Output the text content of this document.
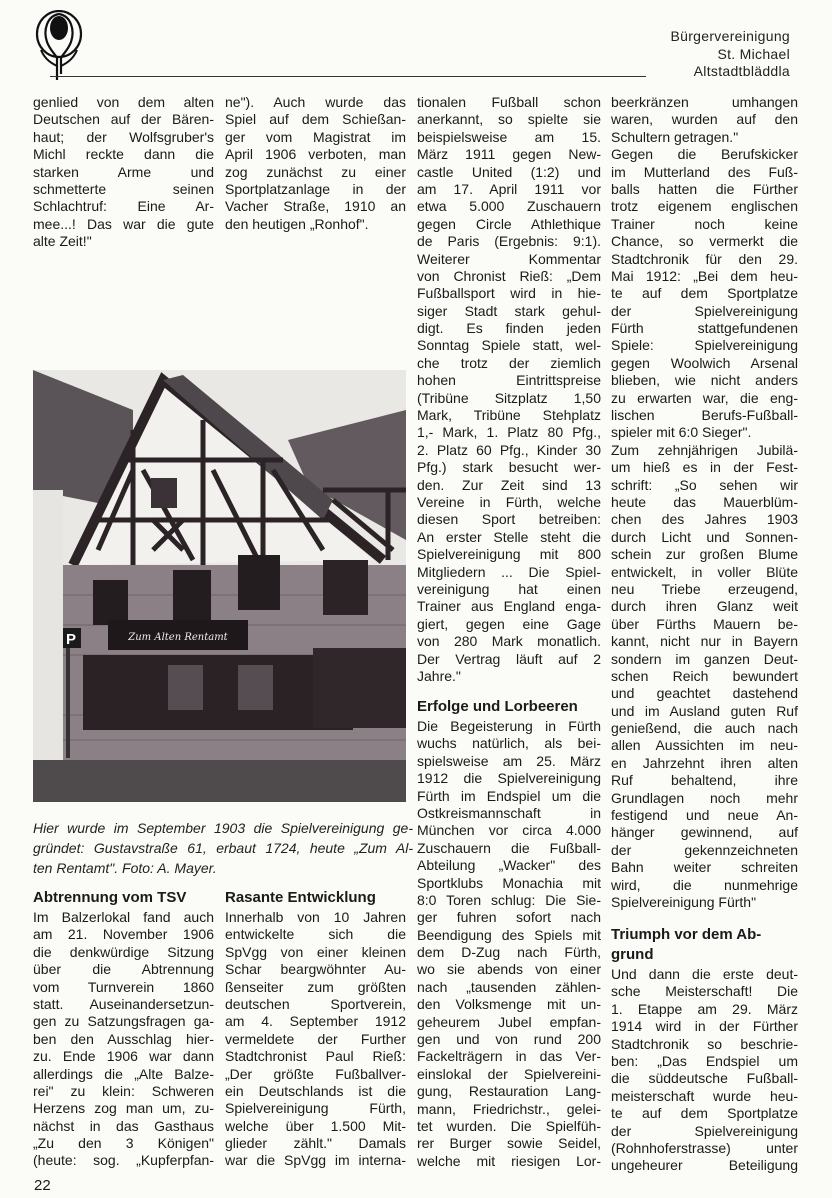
Bürgervereinigung
St. Michael
Altstadtbläddla
genlied von dem alten
Deutschen auf der Bären-
haut; der Wolfsgruber's
Michl reckte dann die
starken Arme und
schmetterte seinen
Schlachtruf: Eine Ar-
mee...! Das war die gute
alte Zeit!"
ne"). Auch wurde das
Spiel auf dem Schießan-
ger vom Magistrat im
April 1906 verboten, man
zog zunächst zu einer
Sportplatzanlage in der
Vacher Straße, 1910 an
den heutigen „Ronhof".
tionalen Fußball schon
anerkannt, so spielte sie
beispielsweise am 15.
März 1911 gegen New-
castle United (1:2) und
am 17. April 1911 vor
etwa 5.000 Zuschauern
gegen Circle Athlethique
de Paris (Ergebnis: 9:1).
Weiterer Kommentar
von Chronist Rieß: „Dem
Fußballsport wird in hie-
siger Stadt stark gehul-
digt. Es finden jeden
Sonntag Spiele statt, wel-
che trotz der ziemlich
hohen Eintrittspreise
(Tribüne Sitzplatz 1,50
Mark, Tribüne Stehplatz
1,- Mark, 1. Platz 80 Pfg.,
2. Platz 60 Pfg., Kinder 30
Pfg.) stark besucht wer-
den. Zur Zeit sind 13
Vereine in Fürth, welche
diesen Sport betreiben:
An erster Stelle steht die
Spielvereinigung mit 800
Mitgliedern ... Die Spiel-
vereinigung hat einen
Trainer aus England enga-
giert, gegen eine Gage
von 280 Mark monatlich.
Der Vertrag läuft auf 2
Jahre."
Erfolge und Lorbeeren
Die Begeisterung in Fürth
wuchs natürlich, als bei-
spielsweise am 25. März
1912 die Spielvereinigung
Fürth im Endspiel um die
Ostkreismannschaft in
München vor circa 4.000
Zuschauern die Fußball-
Abteilung „Wacker" des
Sportklubs Monachia mit
8:0 Toren schlug: Die Sie-
ger fuhren sofort nach
Beendigung des Spiels mit
dem D-Zug nach Fürth,
wo sie abends von einer
nach „tausenden zählen-
den Volksmenge mit un-
geheurem Jubel empfan-
gen und von rund 200
Fackelträgern in das Ver-
einslokal der Spielvereini-
gung, Restauration Lang-
mann, Friedrichstr., gelei-
tet wurden. Die Spielfüh-
rer Burger sowie Seidel,
welche mit riesigen Lor-
beerkränzen umhangen
waren, wurden auf den
Schultern getragen."
Gegen die Berufskicker
im Mutterland des Fuß-
balls hatten die Fürther
trotz eigenem englischen
Trainer noch keine
Chance, so vermerkt die
Stadtchronik für den 29.
Mai 1912: „Bei dem heu-
te auf dem Sportplatze
der Spielvereinigung
Fürth stattgefundenen
Spiele: Spielvereinigung
gegen Woolwich Arsenal
blieben, wie nicht anders
zu erwarten war, die eng-
lischen Berufs-Fußball-
spieler mit 6:0 Sieger".
Zum zehnjährigen Jubilä-
um hieß es in der Fest-
schrift: „So sehen wir
heute das Mauerblüm-
chen des Jahres 1903
durch Licht und Sonnen-
schein zur großen Blume
entwickelt, in voller Blüte
neu Triebe erzeugend,
durch ihren Glanz weit
über Fürths Mauern be-
kannt, nicht nur in Bayern
sondern im ganzen Deut-
schen Reich bewundert
und geachtet dastehend
und im Ausland guten Ruf
genießend, die auch nach
allen Aussichten im neu-
en Jahrzehnt ihren alten
Ruf behaltend, ihre
Grundlagen noch mehr
festigend und neue An-
hänger gewinnend, auf
der gekennzeichneten
Bahn weiter schreiten
wird, die nunmehrige
Spielvereinigung Fürth"
Triumph vor dem Ab-
grund
Und dann die erste deut-
sche Meisterschaft! Die
1. Etappe am 29. März
1914 wird in der Fürther
Stadtchronik so beschrie-
ben: „Das Endspiel um
die süddeutsche Fußball-
meisterschaft wurde heu-
te auf dem Sportplatze
der Spielvereinigung
(Rohnhoferstrasse) unter
ungeheurer Beteiligung
Abtrennung vom TSV
Im Balzerlokal fand auch
am 21. November 1906
die denkwürdige Sitzung
über die Abtrennung
vom Turnverein 1860
statt. Auseinandersetzun-
gen zu Satzungsfragen ga-
ben den Ausschlag hier-
zu. Ende 1906 war dann
allerdings die „Alte Balze-
rei" zu klein: Schweren
Herzens zog man um, zu-
nächst in das Gasthaus
„Zu den 3 Königen"
(heute: sog. „Kupferpfan-
Rasante Entwicklung
Innerhalb von 10 Jahren
entwickelte sich die
SpVgg von einer kleinen
Schar beargwöhnter Au-
ßenseiter zum größten
deutschen Sportverein,
am 4. September 1912
vermeldete der Further
Stadtchronist Paul Rieß:
„Der größte Fußballver-
ein Deutschlands ist die
Spielvereinigung Fürth,
welche über 1.500 Mit-
glieder zählt." Damals
war die SpVgg im interna-
Zum Alten Rentamt
P
Hier wurde im September 1903 die Spielvereinigung ge-
gründet: Gustavstraße 61, erbaut 1724, heute „Zum Al-
ten Rentamt". Foto: A. Mayer.
22
